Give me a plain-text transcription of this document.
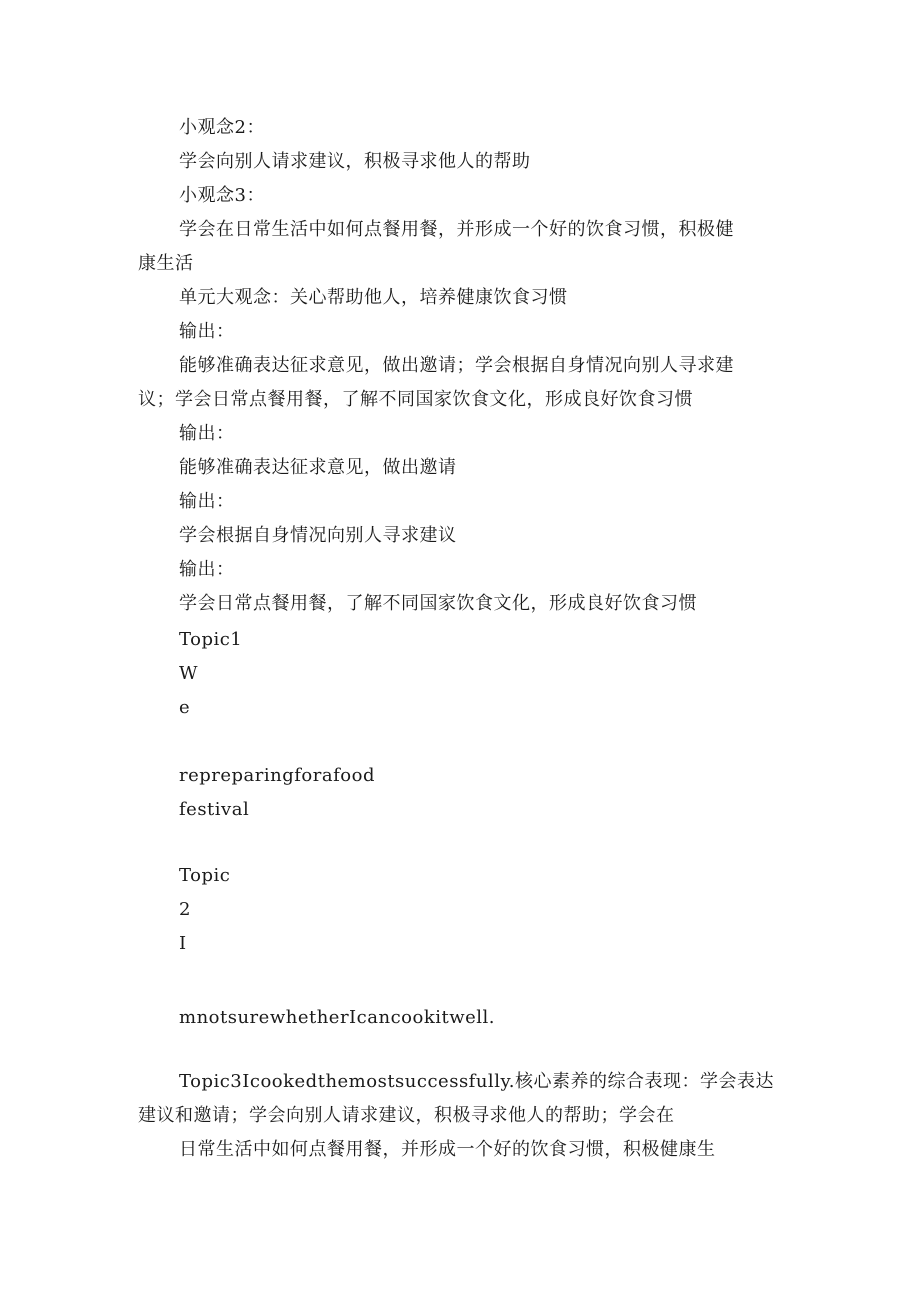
小观念2：
学会向别人请求建议，积极寻求他人的帮助
小观念3：
学会在日常生活中如何点餐用餐，并形成一个好的饮食习惯，积极健
康生活
单元大观念：关心帮助他人，培养健康饮食习惯
输出：
能够准确表达征求意见，做出邀请；学会根据自身情况向别人寻求建
议；学会日常点餐用餐，了解不同国家饮食文化，形成良好饮食习惯
输出：
能够准确表达征求意见，做出邀请
输出：
学会根据自身情况向别人寻求建议
输出：
学会日常点餐用餐，了解不同国家饮食文化，形成良好饮食习惯
Topic1
W
e
repreparingforafood
festival
Topic
2
I
mnotsurewhetherIcancookitwell.
Topic3Icookedthemostsuccessfully.核心素养的综合表现：学会表达
建议和邀请；学会向别人请求建议，积极寻求他人的帮助；学会在
日常生活中如何点餐用餐，并形成一个好的饮食习惯，积极健康生
